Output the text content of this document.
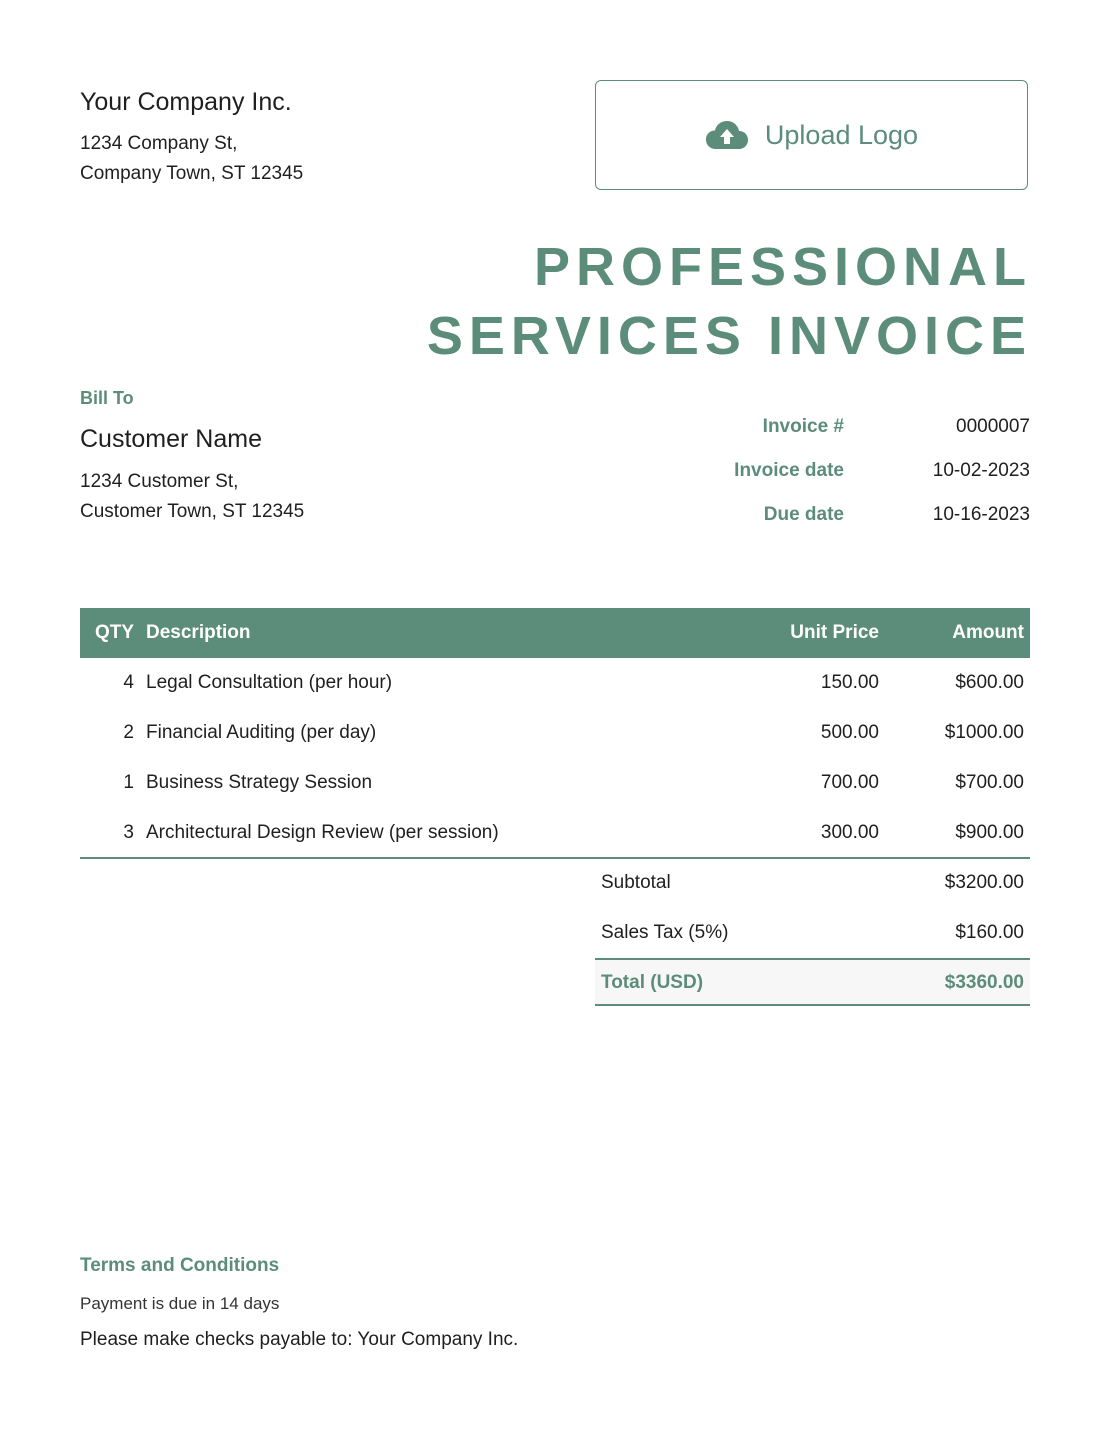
Your Company Inc.
1234 Company St,
Company Town, ST 12345
Upload Logo
PROFESSIONAL
SERVICES INVOICE
Bill To
Customer Name
1234 Customer St,
Customer Town, ST 12345
Invoice #	0000007
Invoice date	10-02-2023
Due date	10-16-2023
QTY Description	Unit Price	Amount
4 Legal Consultation (per hour)	150.00	$600.00
2 Financial Auditing (per day)	500.00	$1000.00
1 Business Strategy Session	700.00	$700.00
3 Architectural Design Review (per session)	300.00	$900.00
Subtotal	$3200.00
Sales Tax (5%)	$160.00
Total (USD)	$3360.00
Terms and Conditions
Payment is due in 14 days
Please make checks payable to: Your Company Inc.
